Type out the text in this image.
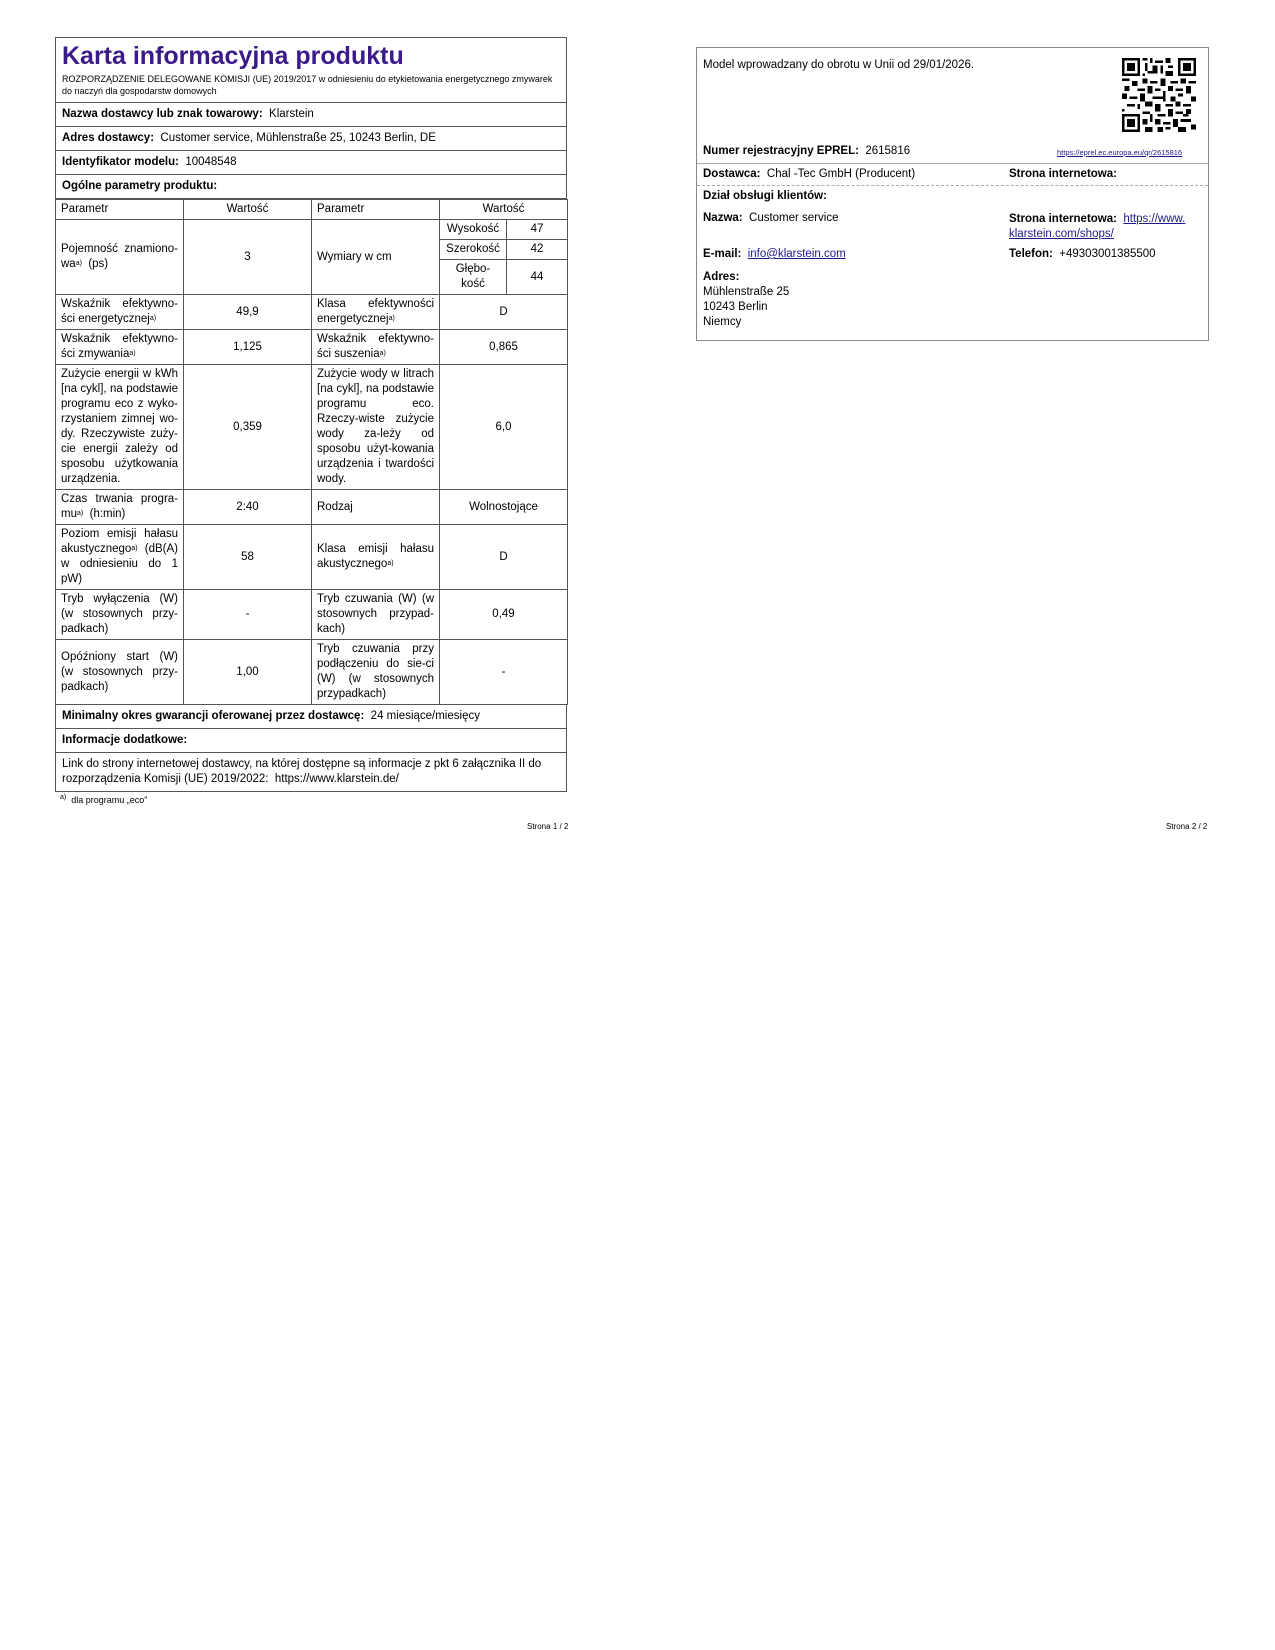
Karta informacyjna produktu
ROZPORZĄDZENIE DELEGOWANE KOMISJI (UE) 2019/2017 w odniesieniu do etykietowania energetycznego zmywarek do naczyń dla gospodarstw domowych
Nazwa dostawcy lub znak towarowy: Klarstein
Adres dostawcy: Customer service, Mühlenstraße 25, 10243 Berlin, DE
Identyfikator modelu: 10048548
Ogólne parametry produktu:
Parametr	Wartość	Parametr	Wartość
Pojemność znamiono-$wa^{a)}$ (ps)	3	Wymiary w cm	
Wysokość	47
Szerokość	42
Głębo-kość	44

Wskaźnik efektywno-ści energetycznej$^{a)}$	49,9	Klasa efektywności energetycznej$^{a)}$	D
Wskaźnik efektywno-ści zmywania$^{a)}$	1,125	Wskaźnik efektywno-ści suszenia$^{a)}$	0,865
Zużycie energii w kWh [na cykl], na podstawie programu eco z wyko-rzystaniem zimnej wo-dy. Rzeczywiste zuży-cie energii zależy od sposobu użytkowania urządzenia.	0,359	Zużycie wody w litrach [na cykl], na podstawie programu eco. Rzeczy-wiste zużycie wody za-leży od sposobu użyt-kowania urządzenia i twardości wody.	6,0
Czas trwania progra-$mu^{a)}$ (h:min)	2:40	Rodzaj	Wolnostojące
Poziom emisji hałasu akustycznego$^{a)}$ (dB(A) w odniesieniu do 1 pW)	58	Klasa emisji hałasu akustycznego$^{a)}$	D
Tryb wyłączenia (W) (w stosownych przy-padkach)	-	Tryb czuwania (W) (w stosownych przypad-kach)	0,49
Opóźniony start (W) (w stosownych przy-padkach)	1,00	Tryb czuwania przy podłączeniu do sie-ci (W) (w stosownych przypadkach)	-
Minimalny okres gwarancji oferowanej przez dostawcę: 24 miesiące/miesięcy
Informacje dodatkowe:
Link do strony internetowej dostawcy, na której dostępne są informacje z pkt 6 załącznika II do rozporządzenia Komisji (UE) 2019/2022: https://www.klarstein.de/
$^{a)}$ dla programu „eco"
Strona 1 / 2
Model wprowadzany do obrotu w Unii od 29/01/2026.
Numer rejestracyjny EPREL: 2615816	https://eprel.ec.europa.eu/qr/2615816
Dostawca: Chal -Tec GmbH (Producent)	Strona internetowa:
Dział obsługi klientów:
Nazwa: Customer service	Strona internetowa: https://www.
klarstein.com/shops/
E-mail: info@klarstein.com	Telefon: +49303001385500
Adres:
Mühlenstraße 25
10243 Berlin
Niemcy
Strona 2 / 2
